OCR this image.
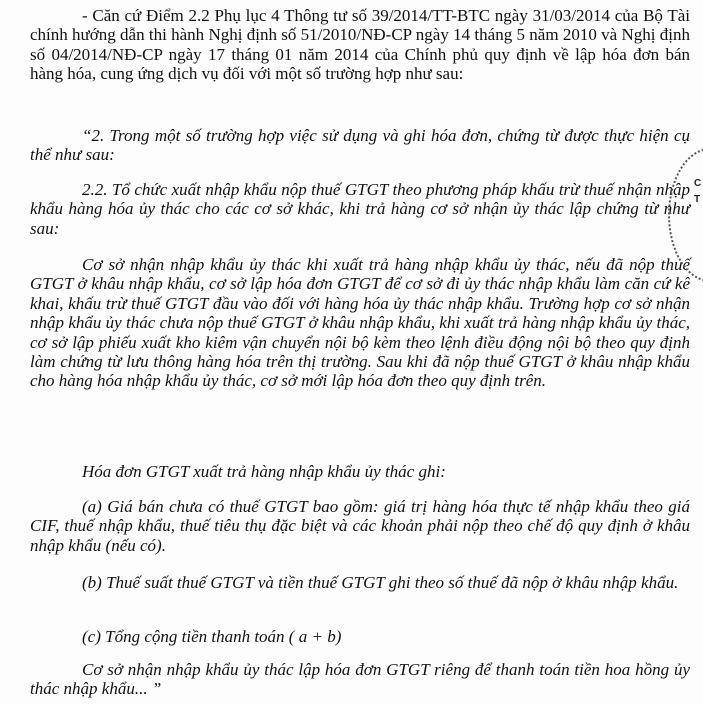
- Căn cứ Điểm 2.2 Phụ lục 4 Thông tư số 39/2014/TT-BTC ngày 31/03/2014 của Bộ Tài chính hướng dẫn thi hành Nghị định số 51/2010/NĐ-CP ngày 14 tháng 5 năm 2010 và Nghị định số 04/2014/NĐ-CP ngày 17 tháng 01 năm 2014 của Chính phủ quy định về lập hóa đơn bán hàng hóa, cung ứng dịch vụ đối với một số trường hợp như sau:

“2. Trong một số trường hợp việc sử dụng và ghi hóa đơn, chứng từ được thực hiện cụ thể như sau:

2.2. Tổ chức xuất nhập khẩu nộp thuế GTGT theo phương pháp khấu trừ thuế nhận nhập khẩu hàng hóa ủy thác cho các cơ sở khác, khi trả hàng cơ sở nhận ủy thác lập chứng từ như sau:

Cơ sở nhận nhập khẩu ủy thác khi xuất trả hàng nhập khẩu ủy thác, nếu đã nộp thuế GTGT ở khâu nhập khẩu, cơ sở lập hóa đơn GTGT để cơ sở đi ủy thác nhập khẩu làm căn cứ kê khai, khấu trừ thuế GTGT đầu vào đối với hàng hóa ủy thác nhập khẩu. Trường hợp cơ sở nhận nhập khẩu ủy thác chưa nộp thuế GTGT ở khâu nhập khẩu, khi xuất trả hàng nhập khẩu ủy thác, cơ sở lập phiếu xuất kho kiêm vận chuyển nội bộ kèm theo lệnh điều động nội bộ theo quy định làm chứng từ lưu thông hàng hóa trên thị trường. Sau khi đã nộp thuế GTGT ở khâu nhập khẩu cho hàng hóa nhập khẩu ủy thác, cơ sở mới lập hóa đơn theo quy định trên.

Hóa đơn GTGT xuất trả hàng nhập khẩu ủy thác ghi:

(a) Giá bán chưa có thuế GTGT bao gồm: giá trị hàng hóa thực tế nhập khẩu theo giá CIF, thuế nhập khẩu, thuế tiêu thụ đặc biệt và các khoản phải nộp theo chế độ quy định ở khâu nhập khẩu (nếu có).

(b) Thuế suất thuế GTGT và tiền thuế GTGT ghi theo số thuế đã nộp ở khâu nhập khẩu.

(c) Tổng cộng tiền thanh toán ( a + b)

Cơ sở nhận nhập khẩu ủy thác lập hóa đơn GTGT riêng để thanh toán tiền hoa hồng ủy thác nhập khẩu... ”

C
T
